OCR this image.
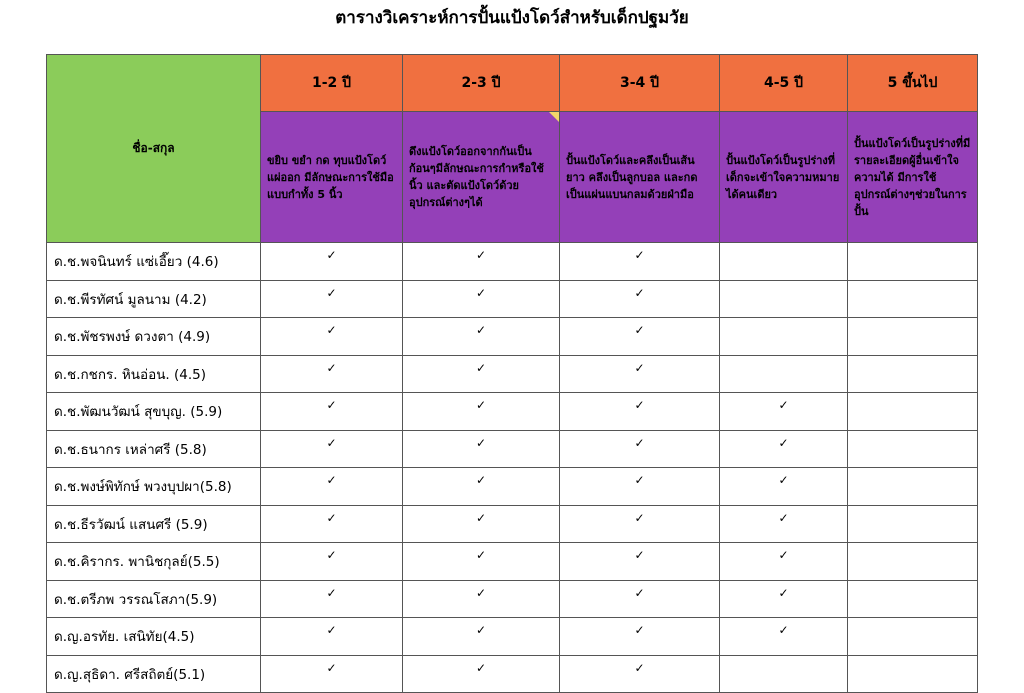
ตารางวิเคราะห์การปั้นแป้งโดว์สำหรับเด็กปฐมวัย
ชื่อ-สกุล	1-2 ปี	2-3 ปี	3-4 ปี	4-5 ปี	5 ขึ้นไป
	ขยิบ ขยำ กด ทุบแป้งโดว์แผ่ออก มีลักษณะการใช้มือแบบกำทั้ง 5 นิ้ว	ดึงแป้งโดว์ออกจากกันเป็นก้อนๆมีลักษณะการกำหรือใช้นิ้ว และตัดแป้งโดว์ด้วยอุปกรณ์ต่างๆได้	ปั้นแป้งโดว์และคลึงเป็นเส้นยาว คลึงเป็นลูกบอล และกดเป็นแผ่นแบนกลมด้วยฝ่ามือ	ปั้นแป้งโดว์เป็นรูปร่างที่เด็กจะเข้าใจความหมายได้คนเดียว	ปั้นแป้งโดว์เป็นรูปร่างที่มีรายละเอียดผู้อื่นเข้าใจความได้ มีการใช้อุปกรณ์ต่างๆช่วยในการปั้น
ด.ช.พจนินทร์ แซ่เอี๊ยว (4.6)	✓	✓	✓		
ด.ช.พีรทัศน์ มูลนาม (4.2)	✓	✓	✓		
ด.ช.พัชรพงษ์ ดวงตา (4.9)	✓	✓	✓		
ด.ช.กชกร. หินอ่อน. (4.5)	✓	✓	✓		
ด.ช.พัฒนวัฒน์ สุขบุญ. (5.9)	✓	✓	✓	✓	
ด.ช.ธนากร เหล่าศรี (5.8)	✓	✓	✓	✓	
ด.ช.พงษ์พิทักษ์ พวงบุปผา(5.8)	✓	✓	✓	✓	
ด.ช.ธีรวัฒน์ แสนศรี (5.9)	✓	✓	✓	✓	
ด.ช.คิรากร. พานิชกุลย์(5.5)	✓	✓	✓	✓	
ด.ช.ตรีภพ วรรณโสภา(5.9)	✓	✓	✓	✓	
ด.ญ.อรทัย. เสนิทัย(4.5)	✓	✓	✓	✓	
ด.ญ.สุธิดา. ศรีสถิตย์(5.1)	✓	✓	✓		
